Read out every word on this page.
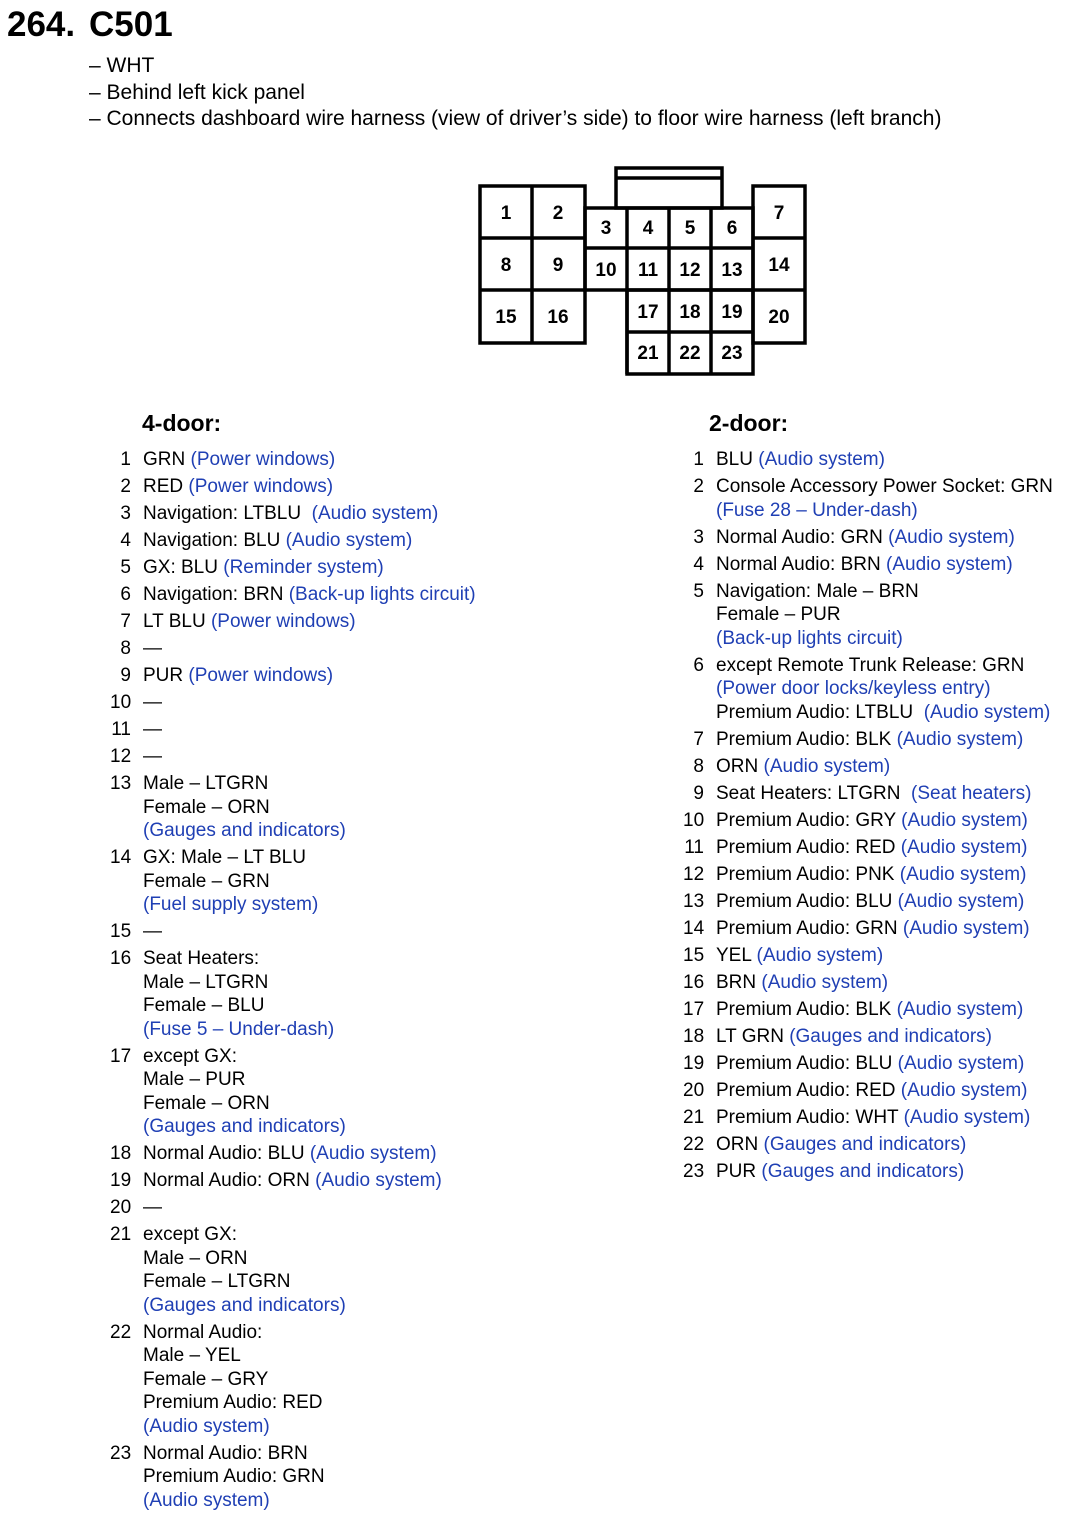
264. C501
– WHT
– Behind left kick panel
– Connects dashboard wire harness (view of driver’s side) to floor wire harness (left branch)
1 2
3 4 5 6
7
8 9 10 11 12 13 14
15 16	17 18 19 20
21 22 23
4-door:
1 GRN (Power windows)
2 RED (Power windows)
3 Navigation: LTBLU  (Audio system)
4 Navigation: BLU (Audio system)
5 GX: BLU (Reminder system)
6 Navigation: BRN (Back-up lights circuit)
7 LT BLU (Power windows)
8 —
9 PUR (Power windows)
10 —
11 —
12 —
13 Male – LTGRN
Female – ORN
(Gauges and indicators)
14 GX: Male – LT BLU
Female – GRN
(Fuel supply system)
15 —
16 Seat Heaters:
Male – LTGRN
Female – BLU
(Fuse 5 – Under-dash)
17 except GX:
Male – PUR
Female – ORN
(Gauges and indicators)
18 Normal Audio: BLU (Audio system)
19 Normal Audio: ORN (Audio system)
20 —
21 except GX:
Male – ORN
Female – LTGRN
(Gauges and indicators)
22 Normal Audio:
Male – YEL
Female – GRY
Premium Audio: RED
(Audio system)
23 Normal Audio: BRN
Premium Audio: GRN
(Audio system)
2-door:
1 BLU (Audio system)
2 Console Accessory Power Socket: GRN
(Fuse 28 – Under-dash)
3 Normal Audio: GRN (Audio system)
4 Normal Audio: BRN (Audio system)
5 Navigation: Male – BRN
Female – PUR
(Back-up lights circuit)
6 except Remote Trunk Release: GRN
(Power door locks/keyless entry)
Premium Audio: LTBLU  (Audio system)
7 Premium Audio: BLK (Audio system)
8 ORN (Audio system)
9 Seat Heaters: LTGRN  (Seat heaters)
10 Premium Audio: GRY (Audio system)
11 Premium Audio: RED (Audio system)
12 Premium Audio: PNK (Audio system)
13 Premium Audio: BLU (Audio system)
14 Premium Audio: GRN (Audio system)
15 YEL (Audio system)
16 BRN (Audio system)
17 Premium Audio: BLK (Audio system)
18 LT GRN (Gauges and indicators)
19 Premium Audio: BLU (Audio system)
20 Premium Audio: RED (Audio system)
21 Premium Audio: WHT (Audio system)
22 ORN (Gauges and indicators)
23 PUR (Gauges and indicators)
